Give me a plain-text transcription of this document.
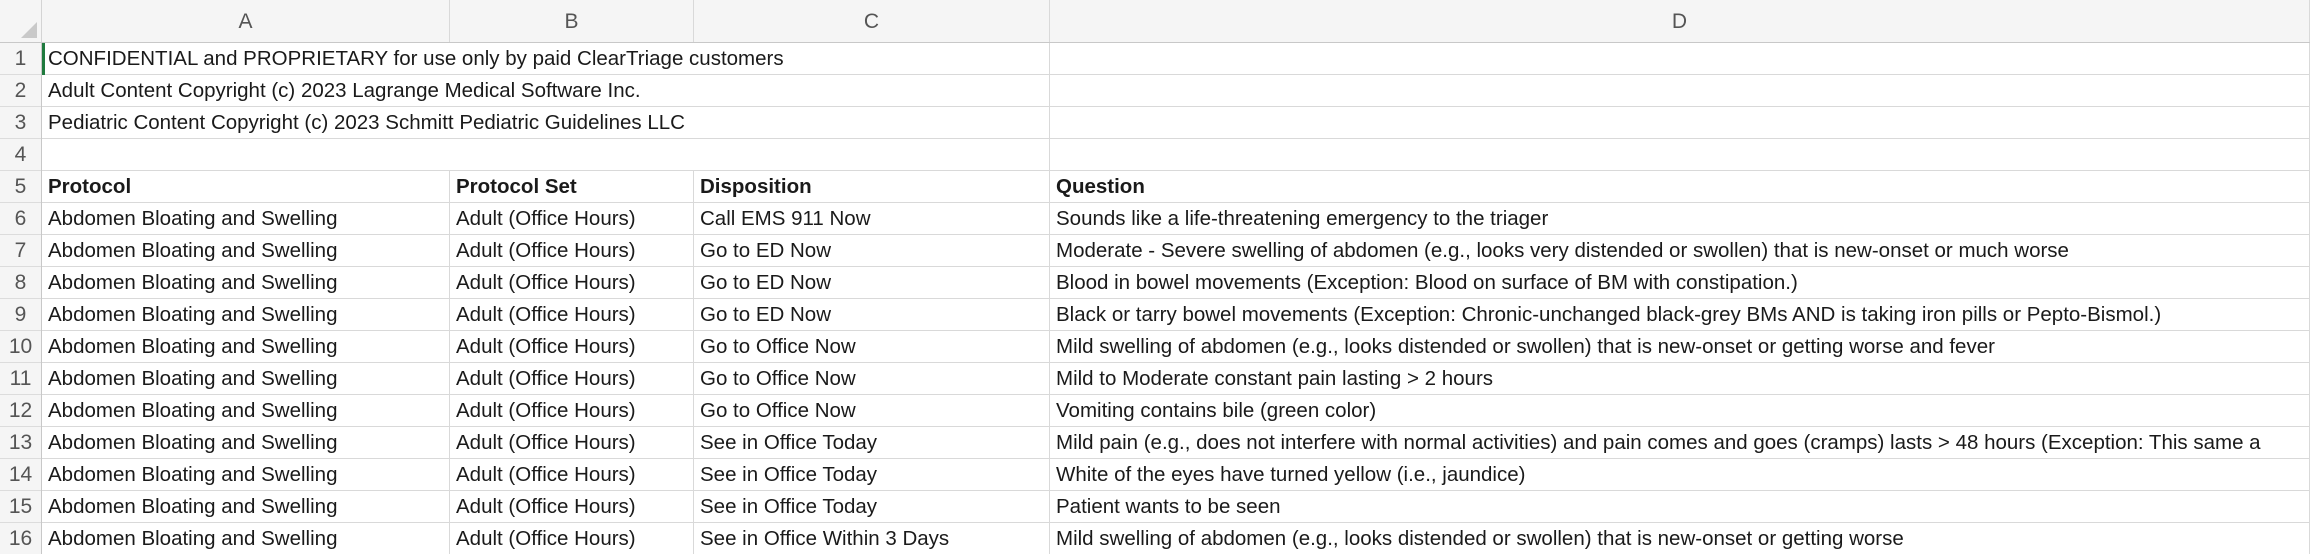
A	B	C	D
1
2
3
4
5
6
7
8
9
10
11
12
13
14
15
16
CONFIDENTIAL and PROPRIETARY for use only by paid ClearTriage customers
Adult Content Copyright (c) 2023 Lagrange Medical Software Inc.
Pediatric Content Copyright (c) 2023 Schmitt Pediatric Guidelines LLC
Protocol	Protocol Set	Disposition	Question
Abdomen Bloating and Swelling	Adult (Office Hours)	Call EMS 911 Now	Sounds like a life-threatening emergency to the triager
Abdomen Bloating and Swelling	Adult (Office Hours)	Go to ED Now	Moderate - Severe swelling of abdomen (e.g., looks very distended or swollen) that is new-onset or much worse
Abdomen Bloating and Swelling	Adult (Office Hours)	Go to ED Now	Blood in bowel movements (Exception: Blood on surface of BM with constipation.)
Abdomen Bloating and Swelling	Adult (Office Hours)	Go to ED Now	Black or tarry bowel movements (Exception: Chronic-unchanged black-grey BMs AND is taking iron pills or Pepto-Bismol.)
Abdomen Bloating and Swelling	Adult (Office Hours)	Go to Office Now	Mild swelling of abdomen (e.g., looks distended or swollen) that is new-onset or getting worse and fever
Abdomen Bloating and Swelling	Adult (Office Hours)	Go to Office Now	Mild to Moderate constant pain lasting > 2 hours
Abdomen Bloating and Swelling	Adult (Office Hours)	Go to Office Now	Vomiting contains bile (green color)
Abdomen Bloating and Swelling	Adult (Office Hours)	See in Office Today	Mild pain (e.g., does not interfere with normal activities) and pain comes and goes (cramps) lasts > 48 hours (Exception: This same a
Abdomen Bloating and Swelling	Adult (Office Hours)	See in Office Today	White of the eyes have turned yellow (i.e., jaundice)
Abdomen Bloating and Swelling	Adult (Office Hours)	See in Office Today	Patient wants to be seen
Abdomen Bloating and Swelling	Adult (Office Hours)	See in Office Within 3 Days	Mild swelling of abdomen (e.g., looks distended or swollen) that is new-onset or getting worse
